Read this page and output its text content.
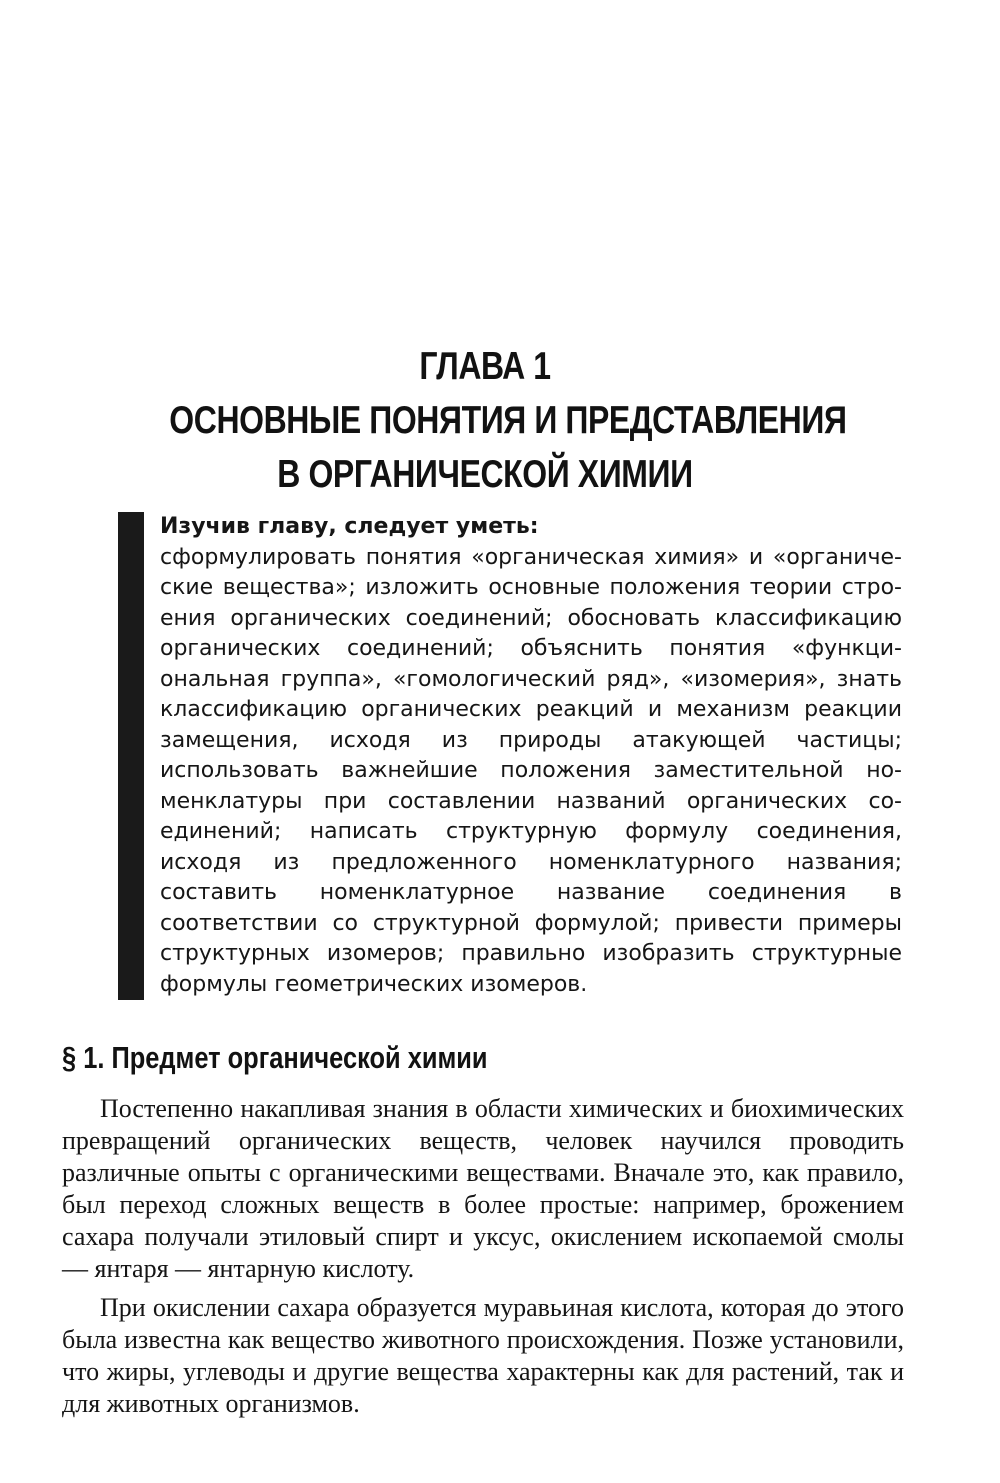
ГЛАВА 1
ОСНОВНЫЕ ПОНЯТИЯ И ПРЕДСТАВЛЕНИЯ
В ОРГАНИЧЕСКОЙ ХИМИИ
Изучив главу, следует уметь:
сформулировать понятия «органическая химия» и «органические вещества»; изложить основные положения теории строения органических соединений; обосновать классификацию органических соединений; объяснить понятия «функциональная группа», «гомологический ряд», «изомерия», знать классификацию органических реакций и механизм реакции замещения, исходя из природы атакующей частицы; использовать важнейшие положения заместительной номенклатуры при составлении названий органических соединений; написать структурную формулу соединения, исходя из предложенного номенклатурного названия; составить номенклатурное название соединения в соответствии со структурной формулой; привести примеры структурных изомеров; правильно изобразить структурные формулы геометрических изомеров.
§ 1. Предмет органической химии

Постепенно накапливая знания в области химических и биохимических превращений органических веществ, человек научился проводить различные опыты с органическими веществами. Вначале это, как правило, был переход сложных веществ в более простые: например, брожением сахара получали этиловый спирт и уксус, окислением ископаемой смолы — янтаря — янтарную кислоту.

При окислении сахара образуется муравьиная кислота, которая до этого была известна как вещество животного происхождения. Позже установили, что жиры, углеводы и другие вещества характерны как для растений, так и для животных организмов.
